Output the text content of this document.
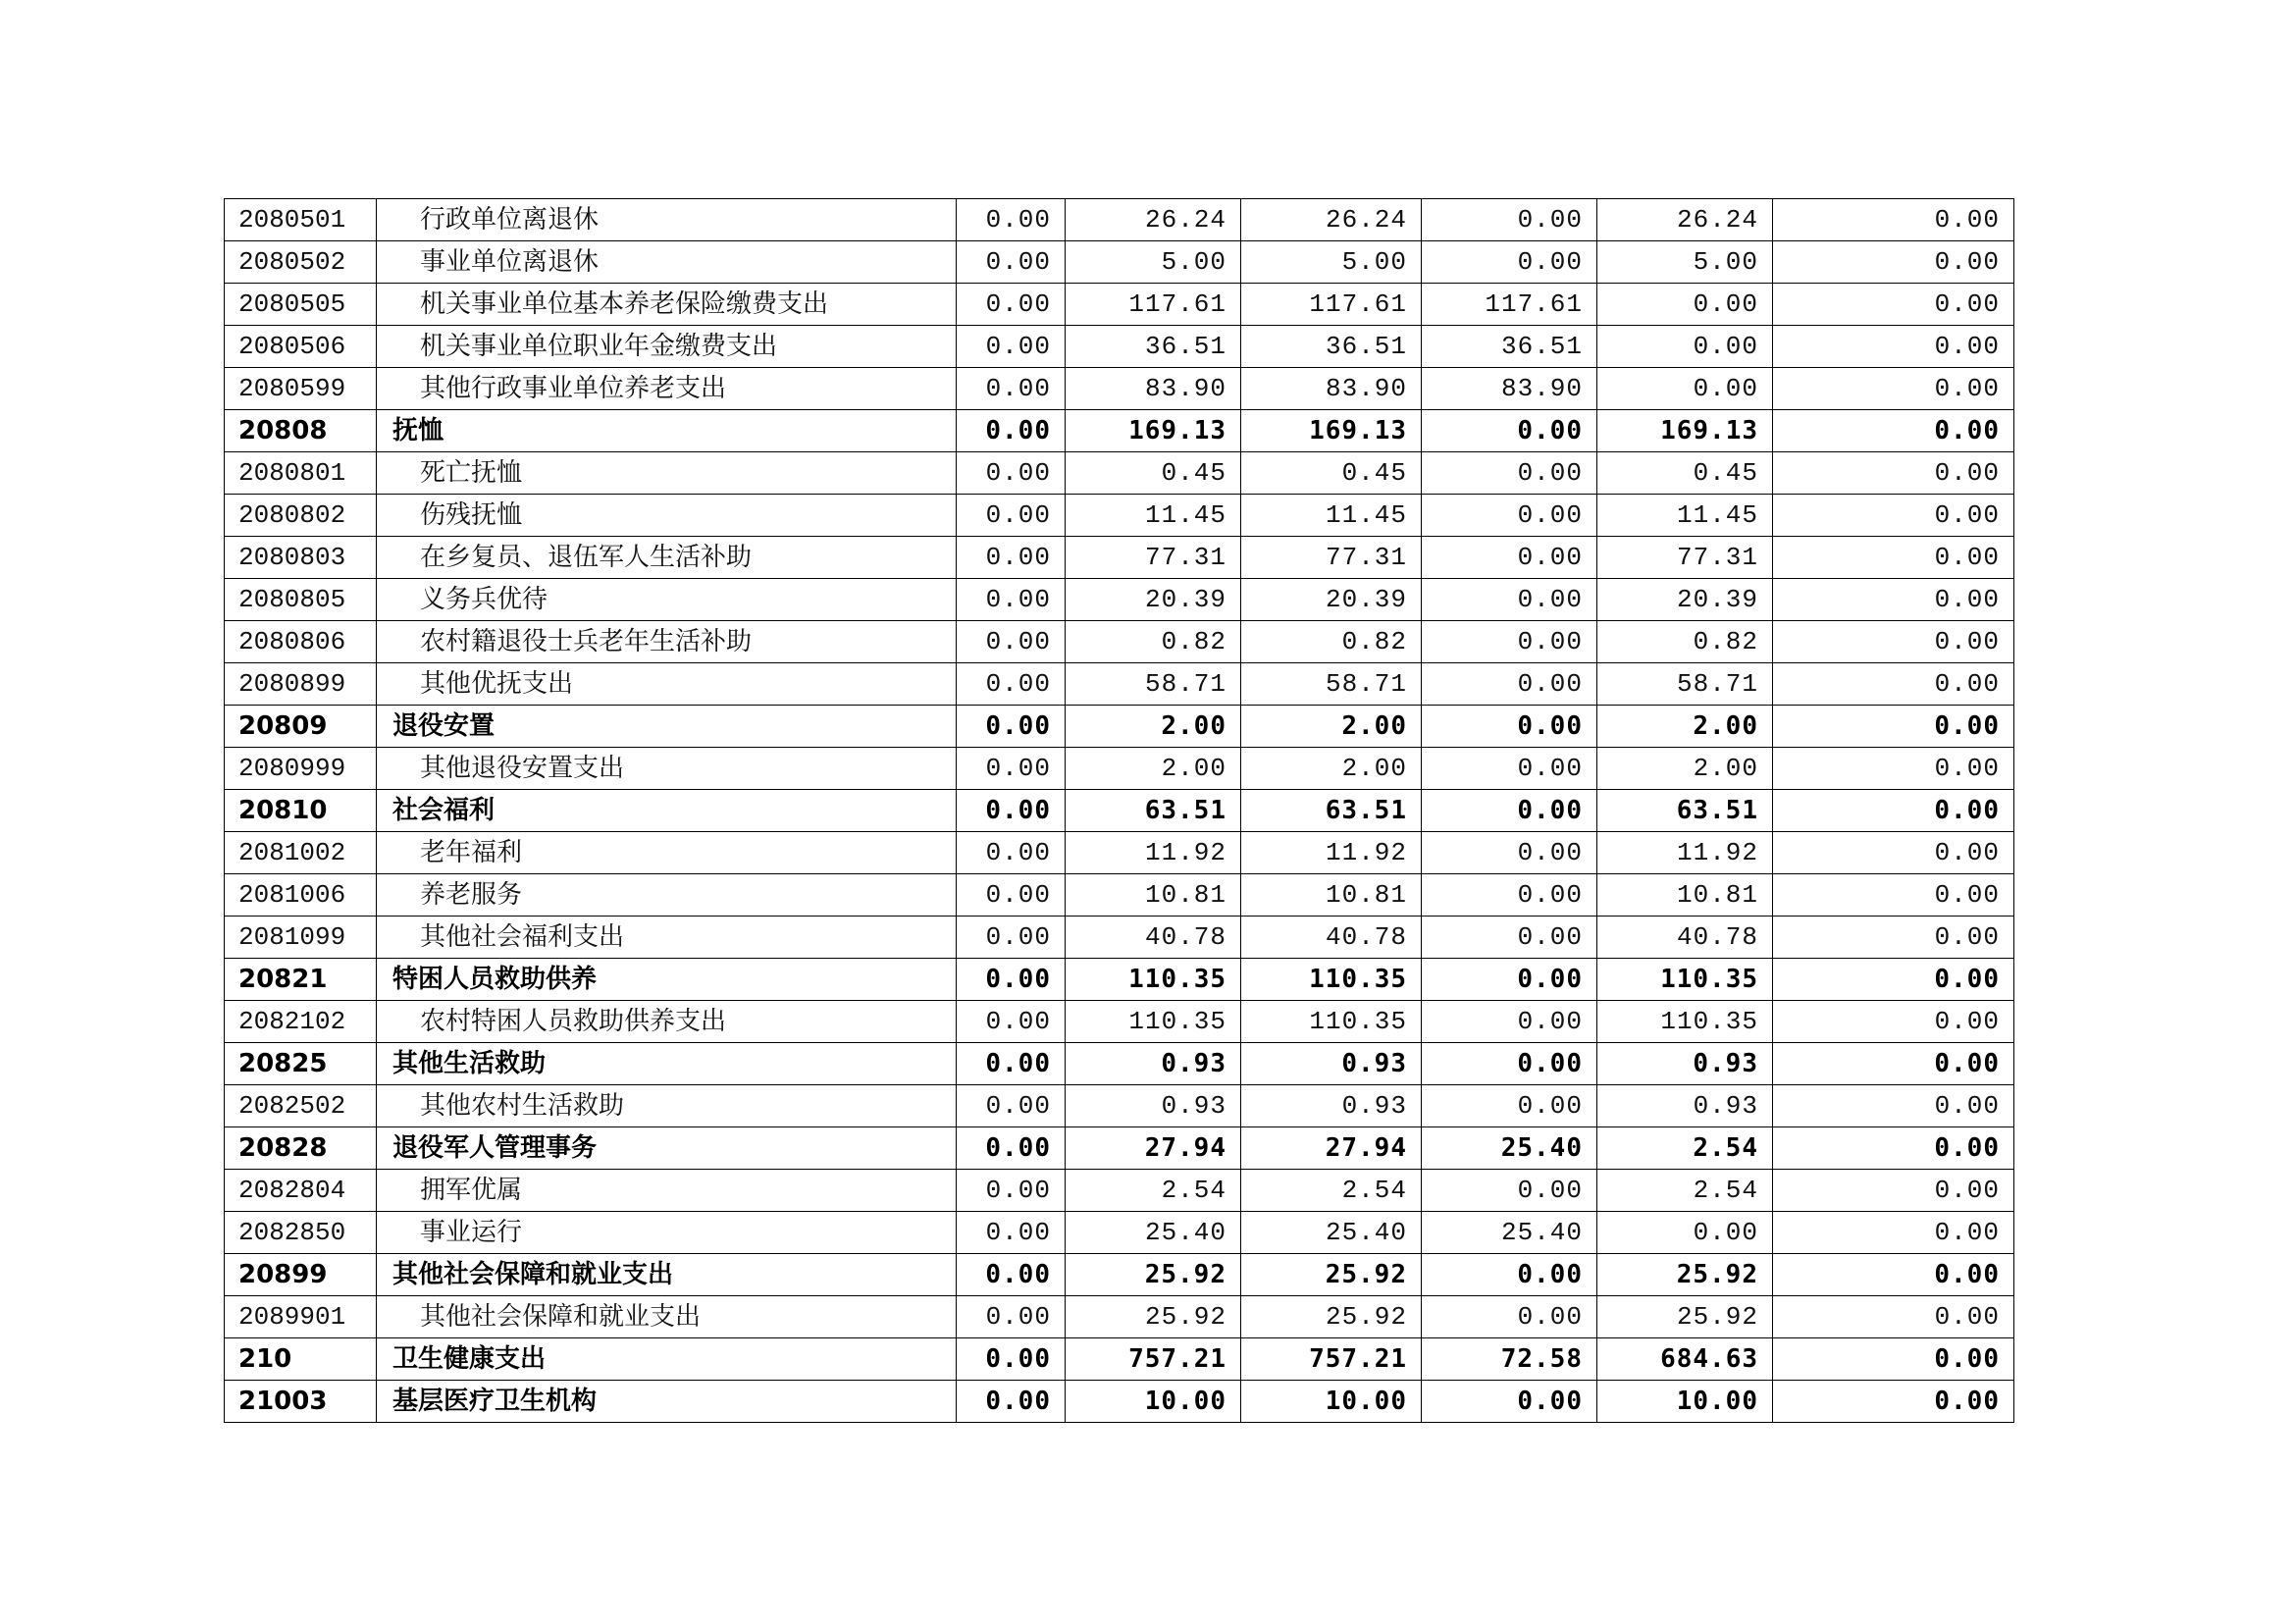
2080501	行政单位离退休	0.00	26.24	26.24	0.00	26.24	0.00
2080502	事业单位离退休	0.00	5.00	5.00	0.00	5.00	0.00
2080505	机关事业单位基本养老保险缴费支出	0.00	117.61	117.61	117.61	0.00	0.00
2080506	机关事业单位职业年金缴费支出	0.00	36.51	36.51	36.51	0.00	0.00
2080599	其他行政事业单位养老支出	0.00	83.90	83.90	83.90	0.00	0.00
20808	抚恤	0.00	169.13	169.13	0.00	169.13	0.00
2080801	死亡抚恤	0.00	0.45	0.45	0.00	0.45	0.00
2080802	伤残抚恤	0.00	11.45	11.45	0.00	11.45	0.00
2080803	在乡复员、退伍军人生活补助	0.00	77.31	77.31	0.00	77.31	0.00
2080805	义务兵优待	0.00	20.39	20.39	0.00	20.39	0.00
2080806	农村籍退役士兵老年生活补助	0.00	0.82	0.82	0.00	0.82	0.00
2080899	其他优抚支出	0.00	58.71	58.71	0.00	58.71	0.00
20809	退役安置	0.00	2.00	2.00	0.00	2.00	0.00
2080999	其他退役安置支出	0.00	2.00	2.00	0.00	2.00	0.00
20810	社会福利	0.00	63.51	63.51	0.00	63.51	0.00
2081002	老年福利	0.00	11.92	11.92	0.00	11.92	0.00
2081006	养老服务	0.00	10.81	10.81	0.00	10.81	0.00
2081099	其他社会福利支出	0.00	40.78	40.78	0.00	40.78	0.00
20821	特困人员救助供养	0.00	110.35	110.35	0.00	110.35	0.00
2082102	农村特困人员救助供养支出	0.00	110.35	110.35	0.00	110.35	0.00
20825	其他生活救助	0.00	0.93	0.93	0.00	0.93	0.00
2082502	其他农村生活救助	0.00	0.93	0.93	0.00	0.93	0.00
20828	退役军人管理事务	0.00	27.94	27.94	25.40	2.54	0.00
2082804	拥军优属	0.00	2.54	2.54	0.00	2.54	0.00
2082850	事业运行	0.00	25.40	25.40	25.40	0.00	0.00
20899	其他社会保障和就业支出	0.00	25.92	25.92	0.00	25.92	0.00
2089901	其他社会保障和就业支出	0.00	25.92	25.92	0.00	25.92	0.00
210	卫生健康支出	0.00	757.21	757.21	72.58	684.63	0.00
21003	基层医疗卫生机构	0.00	10.00	10.00	0.00	10.00	0.00
